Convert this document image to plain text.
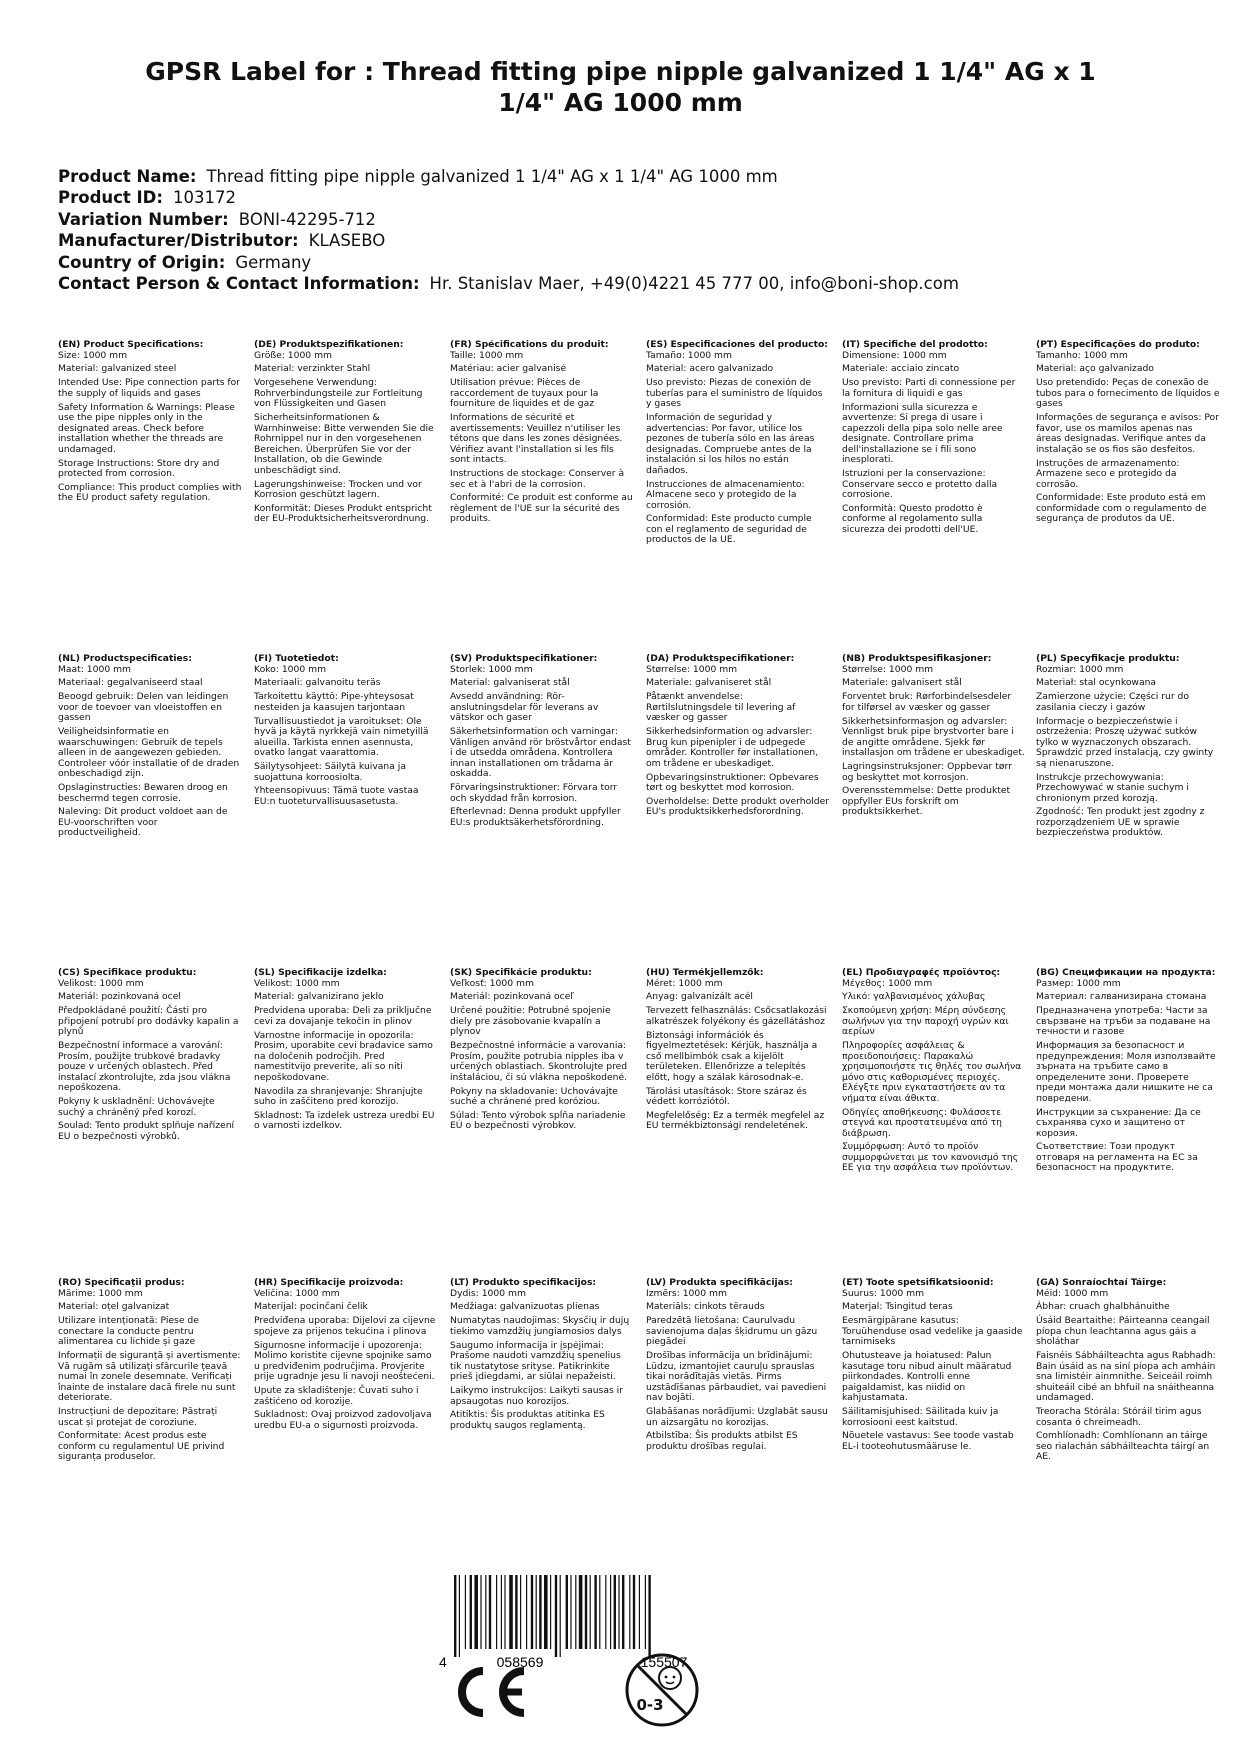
GPSR Label for : Thread fitting pipe nipple galvanized 1 1/4" AG x 1 1/4" AG 1000 mm
Product Name: Thread fitting pipe nipple galvanized 1 1/4" AG x 1 1/4" AG 1000 mm
Product ID: 103172
Variation Number: BONI-42295-712
Manufacturer/Distributor: KLASEBO
Country of Origin: Germany
Contact Person & Contact Information: Hr. Stanislav Maer, +49(0)4221 45 777 00, info@boni-shop.com
(EN) Product Specifications:
Size: 1000 mm
Material: galvanized steel
Intended Use: Pipe connection parts for the supply of liquids and gases
Safety Information & Warnings: Please use the pipe nipples only in the designated areas. Check before installation whether the threads are undamaged.
Storage Instructions: Store dry and protected from corrosion.
Compliance: This product complies with the EU product safety regulation.
(DE) Produktspezifikationen:
Größe: 1000 mm
Material: verzinkter Stahl
Vorgesehene Verwendung: Rohrverbindungsteile zur Fortleitung von Flüssigkeiten und Gasen
Sicherheitsinformationen & Warnhinweise: Bitte verwenden Sie die Rohrnippel nur in den vorgesehenen Bereichen. Überprüfen Sie vor der Installation, ob die Gewinde unbeschädigt sind.
Lagerungshinweise: Trocken und vor Korrosion geschützt lagern.
Konformität: Dieses Produkt entspricht der EU-Produktsicherheitsverordnung.
(FR) Spécifications du produit:
Taille: 1000 mm
Matériau: acier galvanisé
Utilisation prévue: Pièces de raccordement de tuyaux pour la fourniture de liquides et de gaz
Informations de sécurité et avertissements: Veuillez n'utiliser les tétons que dans les zones désignées. Vérifiez avant l'installation si les fils sont intacts.
Instructions de stockage: Conserver à sec et à l'abri de la corrosion.
Conformité: Ce produit est conforme au règlement de l'UE sur la sécurité des produits.
(ES) Especificaciones del producto:
Tamaño: 1000 mm
Material: acero galvanizado
Uso previsto: Piezas de conexión de tuberías para el suministro de líquidos y gases
Información de seguridad y advertencias: Por favor, utilice los pezones de tubería sólo en las áreas designadas. Compruebe antes de la instalación si los hilos no están dañados.
Instrucciones de almacenamiento: Almacene seco y protegido de la corrosión.
Conformidad: Este producto cumple con el reglamento de seguridad de productos de la UE.
(IT) Specifiche del prodotto:
Dimensione: 1000 mm
Materiale: acciaio zincato
Uso previsto: Parti di connessione per la fornitura di liquidi e gas
Informazioni sulla sicurezza e avvertenze: Si prega di usare i capezzoli della pipa solo nelle aree designate. Controllare prima dell'installazione se i fili sono inesplorati.
Istruzioni per la conservazione: Conservare secco e protetto dalla corrosione.
Conformità: Questo prodotto è conforme al regolamento sulla sicurezza dei prodotti dell'UE.
(PT) Especificações do produto:
Tamanho: 1000 mm
Material: aço galvanizado
Uso pretendido: Peças de conexão de tubos para o fornecimento de líquidos e gases
Informações de segurança e avisos: Por favor, use os mamilos apenas nas áreas designadas. Verifique antes da instalação se os fios são desfeitos.
Instruções de armazenamento: Armazene seco e protegido da corrosão.
Conformidade: Este produto está em conformidade com o regulamento de segurança de produtos da UE.
(NL) Productspecificaties:
Maat: 1000 mm
Materiaal: gegalvaniseerd staal
Beoogd gebruik: Delen van leidingen voor de toevoer van vloeistoffen en gassen
Veiligheidsinformatie en waarschuwingen: Gebruik de tepels alleen in de aangewezen gebieden. Controleer vóór installatie of de draden onbeschadigd zijn.
Opslaginstructies: Bewaren droog en beschermd tegen corrosie.
Naleving: Dit product voldoet aan de EU-voorschriften voor productveiligheid.
(FI) Tuotetiedot:
Koko: 1000 mm
Materiaali: galvanoitu teräs
Tarkoitettu käyttö: Pipe-yhteysosat nesteiden ja kaasujen tarjontaan
Turvallisuustiedot ja varoitukset: Ole hyvä ja käytä nyrkkejä vain nimetyillä alueilla. Tarkista ennen asennusta, ovatko langat vaarattomia.
Säilytysohjeet: Säilytä kuivana ja suojattuna korroosiolta.
Yhteensopivuus: Tämä tuote vastaa EU:n tuoteturvallisuusasetusta.
(SV) Produktspecifikationer:
Storlek: 1000 mm
Material: galvaniserat stål
Avsedd användning: Rör-anslutningsdelar för leverans av vätskor och gaser
Säkerhetsinformation och varningar: Vänligen använd rör bröstvårtor endast i de utsedda områdena. Kontrollera innan installationen om trådarna är oskadda.
Förvaringsinstruktioner: Förvara torr och skyddad från korrosion.
Efterlevnad: Denna produkt uppfyller EU:s produktsäkerhetsförordning.
(DA) Produktspecifikationer:
Størrelse: 1000 mm
Materiale: galvaniseret stål
Påtænkt anvendelse: Rørtilslutningsdele til levering af væsker og gasser
Sikkerhedsinformation og advarsler: Brug kun pipenipler i de udpegede områder. Kontroller før installationen, om trådene er ubeskadiget.
Opbevaringsinstruktioner: Opbevares tørt og beskyttet mod korrosion.
Overholdelse: Dette produkt overholder EU's produktsikkerhedsforordning.
(NB) Produktspesifikasjoner:
Størrelse: 1000 mm
Materiale: galvanisert stål
Forventet bruk: Rørforbindelsesdeler for tilførsel av væsker og gasser
Sikkerhetsinformasjon og advarsler: Vennligst bruk pipe brystvorter bare i de angitte områdene. Sjekk før installasjon om trådene er ubeskadiget.
Lagringsinstruksjoner: Oppbevar tørr og beskyttet mot korrosjon.
Overensstemmelse: Dette produktet oppfyller EUs forskrift om produktsikkerhet.
(PL) Specyfikacje produktu:
Rozmiar: 1000 mm
Materiał: stal ocynkowana
Zamierzone użycie: Części rur do zasilania cieczy i gazów
Informacje o bezpieczeństwie i ostrzeżenia: Proszę używać sutków tylko w wyznaczonych obszarach. Sprawdzić przed instalacją, czy gwinty są nienaruszone.
Instrukcje przechowywania: Przechowywać w stanie suchym i chronionym przed korozją.
Zgodność: Ten produkt jest zgodny z rozporządzeniem UE w sprawie bezpieczeństwa produktów.
(CS) Specifikace produktu:
Velikost: 1000 mm
Materiál: pozinkovaná ocel
Předpokládané použití: Části pro připojení potrubí pro dodávky kapalin a plynů
Bezpečnostní informace a varování: Prosím, použijte trubkové bradavky pouze v určených oblastech. Před instalací zkontrolujte, zda jsou vlákna nepoškozena.
Pokyny k uskladnění: Uchovávejte suchý a chráněný před korozí.
Soulad: Tento produkt splňuje nařízení EU o bezpečnosti výrobků.
(SL) Specifikacije izdelka:
Velikost: 1000 mm
Material: galvanizirano jeklo
Predvidena uporaba: Deli za priključne cevi za dovajanje tekočin in plinov
Varnostne informacije in opozorila: Prosim, uporabite cevi bradavice samo na določenih področjih. Pred namestitvijo preverite, ali so niti nepoškodovane.
Navodila za shranjevanje: Shranjujte suho in zaščiteno pred korozijo.
Skladnost: Ta izdelek ustreza uredbi EU o varnosti izdelkov.
(SK) Špecifikácie produktu:
Veľkosť: 1000 mm
Materiál: pozinkovaná oceľ
Určené použitie: Potrubné spojenie diely pre zásobovanie kvapalín a plynov
Bezpečnostné informácie a varovania: Prosím, použite potrubia nipples iba v určených oblastiach. Skontrolujte pred inštaláciou, či sú vlákna nepoškodené.
Pokyny na skladovanie: Uchovávajte suché a chránené pred koróziou.
Súlad: Tento výrobok spĺňa nariadenie EÚ o bezpečnosti výrobkov.
(HU) Termékjellemzők:
Méret: 1000 mm
Anyag: galvanizált acél
Tervezett felhasználás: Csőcsatlakozási alkatrészek folyékony és gázellátáshoz
Biztonsági információk és figyelmeztetések: Kérjük, használja a cső mellbimbók csak a kijelölt területeken. Ellenőrizze a telepítés előtt, hogy a szálak károsodnak-e.
Tárolási utasítások: Store száraz és védett korróziótól.
Megfelelőség: Ez a termék megfelel az EU termékbiztonsági rendeletének.
(EL) Προδιαγραφές προϊόντος:
Μέγεθος: 1000 mm
Υλικό: γαλβανισμένος χάλυβας
Σκοπούμενη χρήση: Μέρη σύνδεσης σωλήνων για την παροχή υγρών και αερίων
Πληροφορίες ασφάλειας & προειδοποιήσεις: Παρακαλώ χρησιμοποιήστε τις θηλές του σωλήνα μόνο στις καθορισμένες περιοχές. Ελέγξτε πριν εγκαταστήσετε αν τα νήματα είναι άθικτα.
Οδηγίες αποθήκευσης: Φυλάσσετε στεγνά και προστατευμένα από τη διάβρωση.
Συμμόρφωση: Αυτό το προϊόν συμμορφώνεται με τον κανονισμό της ΕΕ για την ασφάλεια των προϊόντων.
(BG) Спецификации на продукта:
Размер: 1000 mm
Материал: галванизирана стомана
Предназначена употреба: Части за свързване на тръби за подаване на течности и газове
Информация за безопасност и предупреждения: Моля използвайте зърната на тръбите само в определените зони. Проверете преди монтажа дали нишките не са повредени.
Инструкции за съхранение: Да се съхранява сухо и защитено от корозия.
Съответствие: Този продукт отговаря на регламента на ЕС за безопасност на продуктите.
(RO) Specificații produs:
Mărime: 1000 mm
Material: oțel galvanizat
Utilizare intenționată: Piese de conectare la conducte pentru alimentarea cu lichide și gaze
Informații de siguranță și avertismente: Vă rugăm să utilizați sfârcurile țeavă numai în zonele desemnate. Verificați înainte de instalare dacă firele nu sunt deteriorate.
Instrucțiuni de depozitare: Păstrați uscat și protejat de coroziune.
Conformitate: Acest produs este conform cu regulamentul UE privind siguranța produselor.
(HR) Specifikacije proizvoda:
Veličina: 1000 mm
Materijal: pocinčani čelik
Predviđena uporaba: Dijelovi za cijevne spojeve za prijenos tekućina i plinova
Sigurnosne informacije i upozorenja: Molimo koristite cijevne spojnike samo u predviđenim područjima. Provjerite prije ugradnje jesu li navoji neoštećeni.
Upute za skladištenje: Čuvati suho i zaštićeno od korozije.
Sukladnost: Ovaj proizvod zadovoljava uredbu EU-a o sigurnosti proizvoda.
(LT) Produkto specifikacijos:
Dydis: 1000 mm
Medžiaga: galvanizuotas plienas
Numatytas naudojimas: Skysčių ir dujų tiekimo vamzdžių jungiamosios dalys
Saugumo informacija ir įspėjimai: Prašome naudoti vamzdžių spenelius tik nustatytose srityse. Patikrinkite prieš įdiegdami, ar siūlai nepažeisti.
Laikymo instrukcijos: Laikyti sausas ir apsaugotas nuo korozijos.
Atitiktis: Šis produktas atitinka ES produktų saugos reglamentą.
(LV) Produkta specifikācijas:
Izmērs: 1000 mm
Materiāls: cinkots tērauds
Paredzētā lietošana: Caurulvadu savienojuma daļas šķidrumu un gāzu piegādei
Drošības informācija un brīdinājumi: Lūdzu, izmantojiet cauruļu sprauslas tikai norādītajās vietās. Pirms uzstādīšanas pārbaudiet, vai pavedieni nav bojāti.
Glabāšanas norādījumi: Uzglabāt sausu un aizsargātu no korozijas.
Atbilstība: Šis produkts atbilst ES produktu drošības regulai.
(ET) Toote spetsifikatsioonid:
Suurus: 1000 mm
Materjal: Tsingitud teras
Eesmärgipärane kasutus: Toruühenduse osad vedelike ja gaaside tarnimiseks
Ohutusteave ja hoiatused: Palun kasutage toru nibud ainult määratud piirkondades. Kontrolli enne paigaldamist, kas niidid on kahjustamata.
Säilitamisjuhised: Säilitada kuiv ja korrosiooni eest kaitstud.
Nõuetele vastavus: See toode vastab EL-i tooteohutusmääruse le.
(GA) Sonraíochtaí Táirge:
Méid: 1000 mm
Ábhar: cruach ghalbhánuithe
Úsáid Beartaithe: Páirteanna ceangail píopa chun leachtanna agus gáis a sholáthar
Faisnéis Sábháilteachta agus Rabhadh: Bain úsáid as na siní píopa ach amháin sna limistéir ainmnithe. Seiceáil roimh shuiteáil cibé an bhfuil na snáitheanna undamaged.
Treoracha Stórála: Stóráil tirim agus cosanta ó chreimeadh.
Comhlíonadh: Comhlíonann an táirge seo rialachán sábháilteachta táirgí an AE.
4	058569	155507
0-3
